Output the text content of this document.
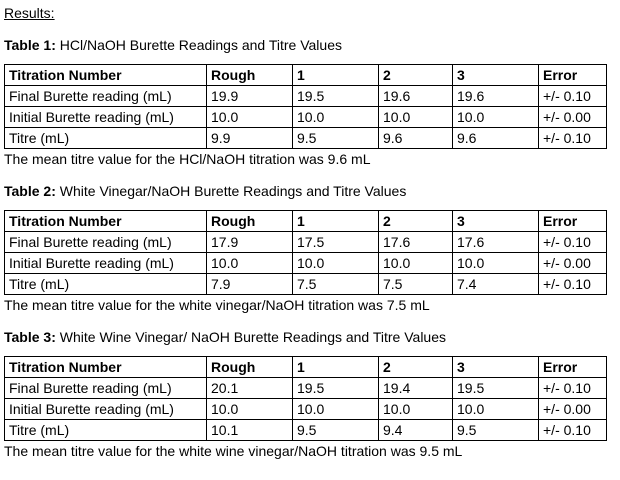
Results:
Table 1: HCl/NaOH Burette Readings and Titre Values
Titration Number	Rough	1	2	3	Error
Final Burette reading (mL)	19.9	19.5	19.6	19.6	+/- 0.10
Initial Burette reading (mL)	10.0	10.0	10.0	10.0	+/- 0.00
Titre (mL)	9.9	9.5	9.6	9.6	+/- 0.10
The mean titre value for the HCl/NaOH titration was 9.6 mL
Table 2: White Vinegar/NaOH Burette Readings and Titre Values
Titration Number	Rough	1	2	3	Error
Final Burette reading (mL)	17.9	17.5	17.6	17.6	+/- 0.10
Initial Burette reading (mL)	10.0	10.0	10.0	10.0	+/- 0.00
Titre (mL)	7.9	7.5	7.5	7.4	+/- 0.10
The mean titre value for the white vinegar/NaOH titration was 7.5 mL
Table 3: White Wine Vinegar/ NaOH Burette Readings and Titre Values
Titration Number	Rough	1	2	3	Error
Final Burette reading (mL)	20.1	19.5	19.4	19.5	+/- 0.10
Initial Burette reading (mL)	10.0	10.0	10.0	10.0	+/- 0.00
Titre (mL)	10.1	9.5	9.4	9.5	+/- 0.10
The mean titre value for the white wine vinegar/NaOH titration was 9.5 mL
